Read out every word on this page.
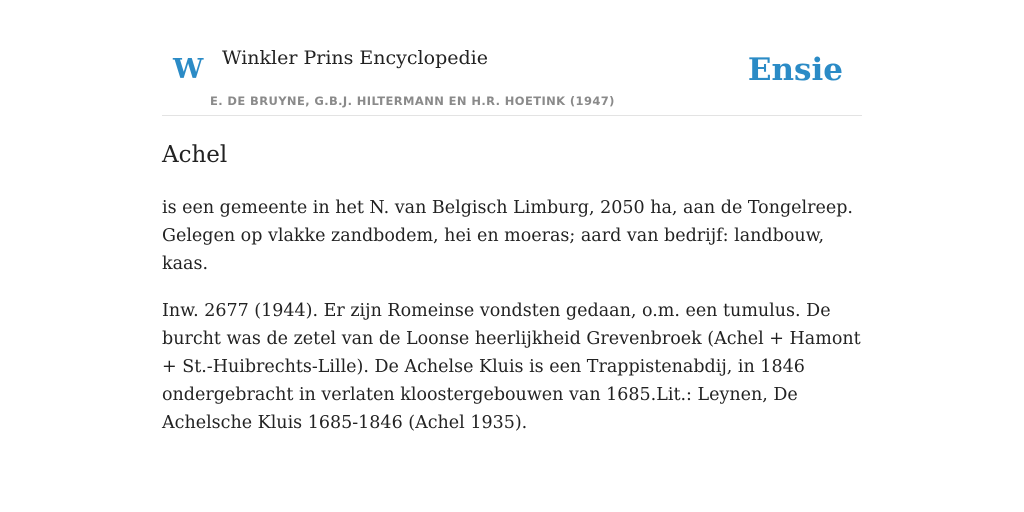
W Winkler Prins Encyclopedie
E. DE BRUYNE, G.B.J. HILTERMANN EN H.R. HOETINK (1947)
Ensie
Achel

is een gemeente in het N. van Belgisch Limburg, 2050 ha, aan de Tongelreep. Gelegen op vlakke zandbodem, hei en moeras; aard van bedrijf: landbouw, kaas.

Inw. 2677 (1944). Er zijn Romeinse vondsten gedaan, o.m. een tumulus. De burcht was de zetel van de Loonse heerlijkheid Grevenbroek (Achel + Hamont + St.-Huibrechts-Lille). De Achelse Kluis is een Trappistenabdij, in 1846 ondergebracht in verlaten kloostergebouwen van 1685.Lit.: Leynen, De Achelsche Kluis 1685-1846 (Achel 1935).
